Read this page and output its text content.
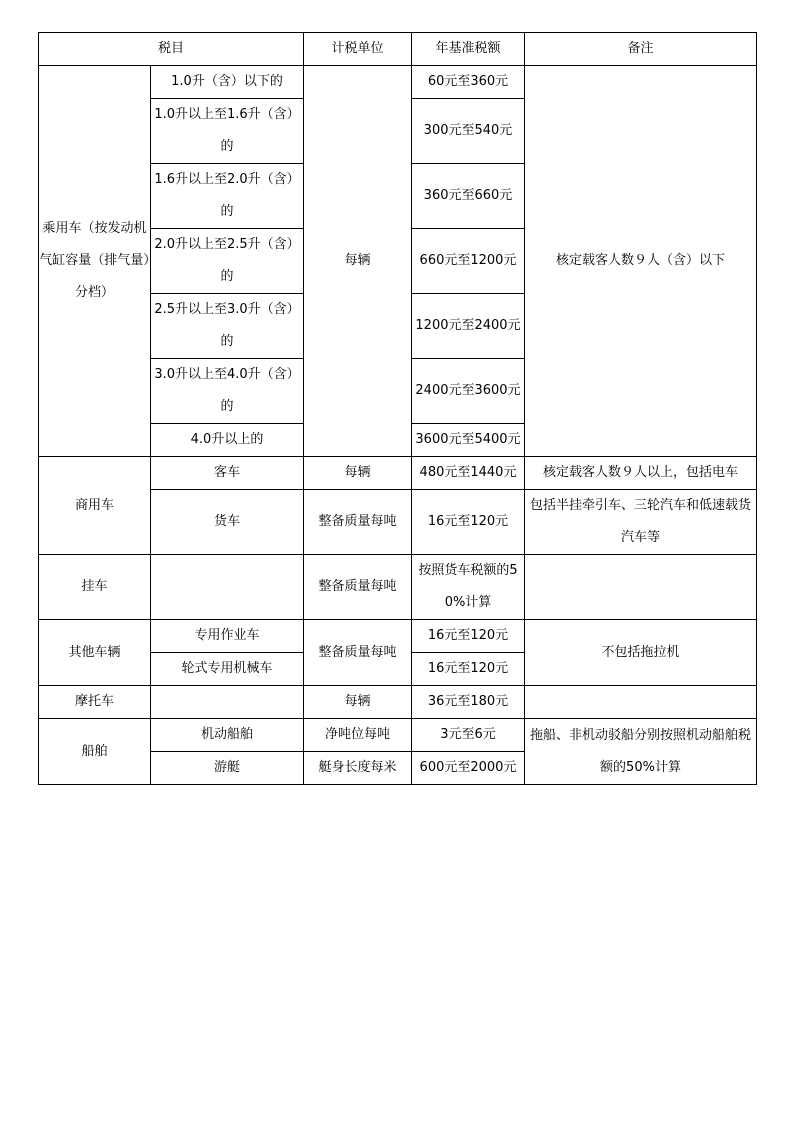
税目		计税单位	年基准税额	备注
乘用车（按发动机气缸容量（排气量）分档）	1.0升（含）以下的	每辆	60元至360元	核定载客人数９人（含）以下
	1.0升以上至1.6升（含）的		300元至540元	

	1.6升以上至2.0升（含）的		360元至660元	

	2.0升以上至2.5升（含）的		660元至1200元	

	2.5升以上至3.0升（含）的		1200元至2400元	

	3.0升以上至4.0升（含）的		2400元至3600元	

	4.0升以上的		3600元至5400元	

商用车	客车	每辆	480元至1440元	核定载客人数９人以上，包括电车
	货车	整备质量每吨	16元至120元	包括半挂牵引车、三轮汽车和低速载货汽车等
挂车		整备质量每吨	按照货车税额的50%计算	
其他车辆	专用作业车	整备质量每吨	16元至120元	不包括拖拉机
	轮式专用机械车		16元至120元	
摩托车		每辆	36元至180元	
船舶	机动船舶	净吨位每吨	3元至6元	拖船、非机动驳船分别按照机动船舶税额的50%计算
	游艇	艇身长度每米	600元至2000元	
